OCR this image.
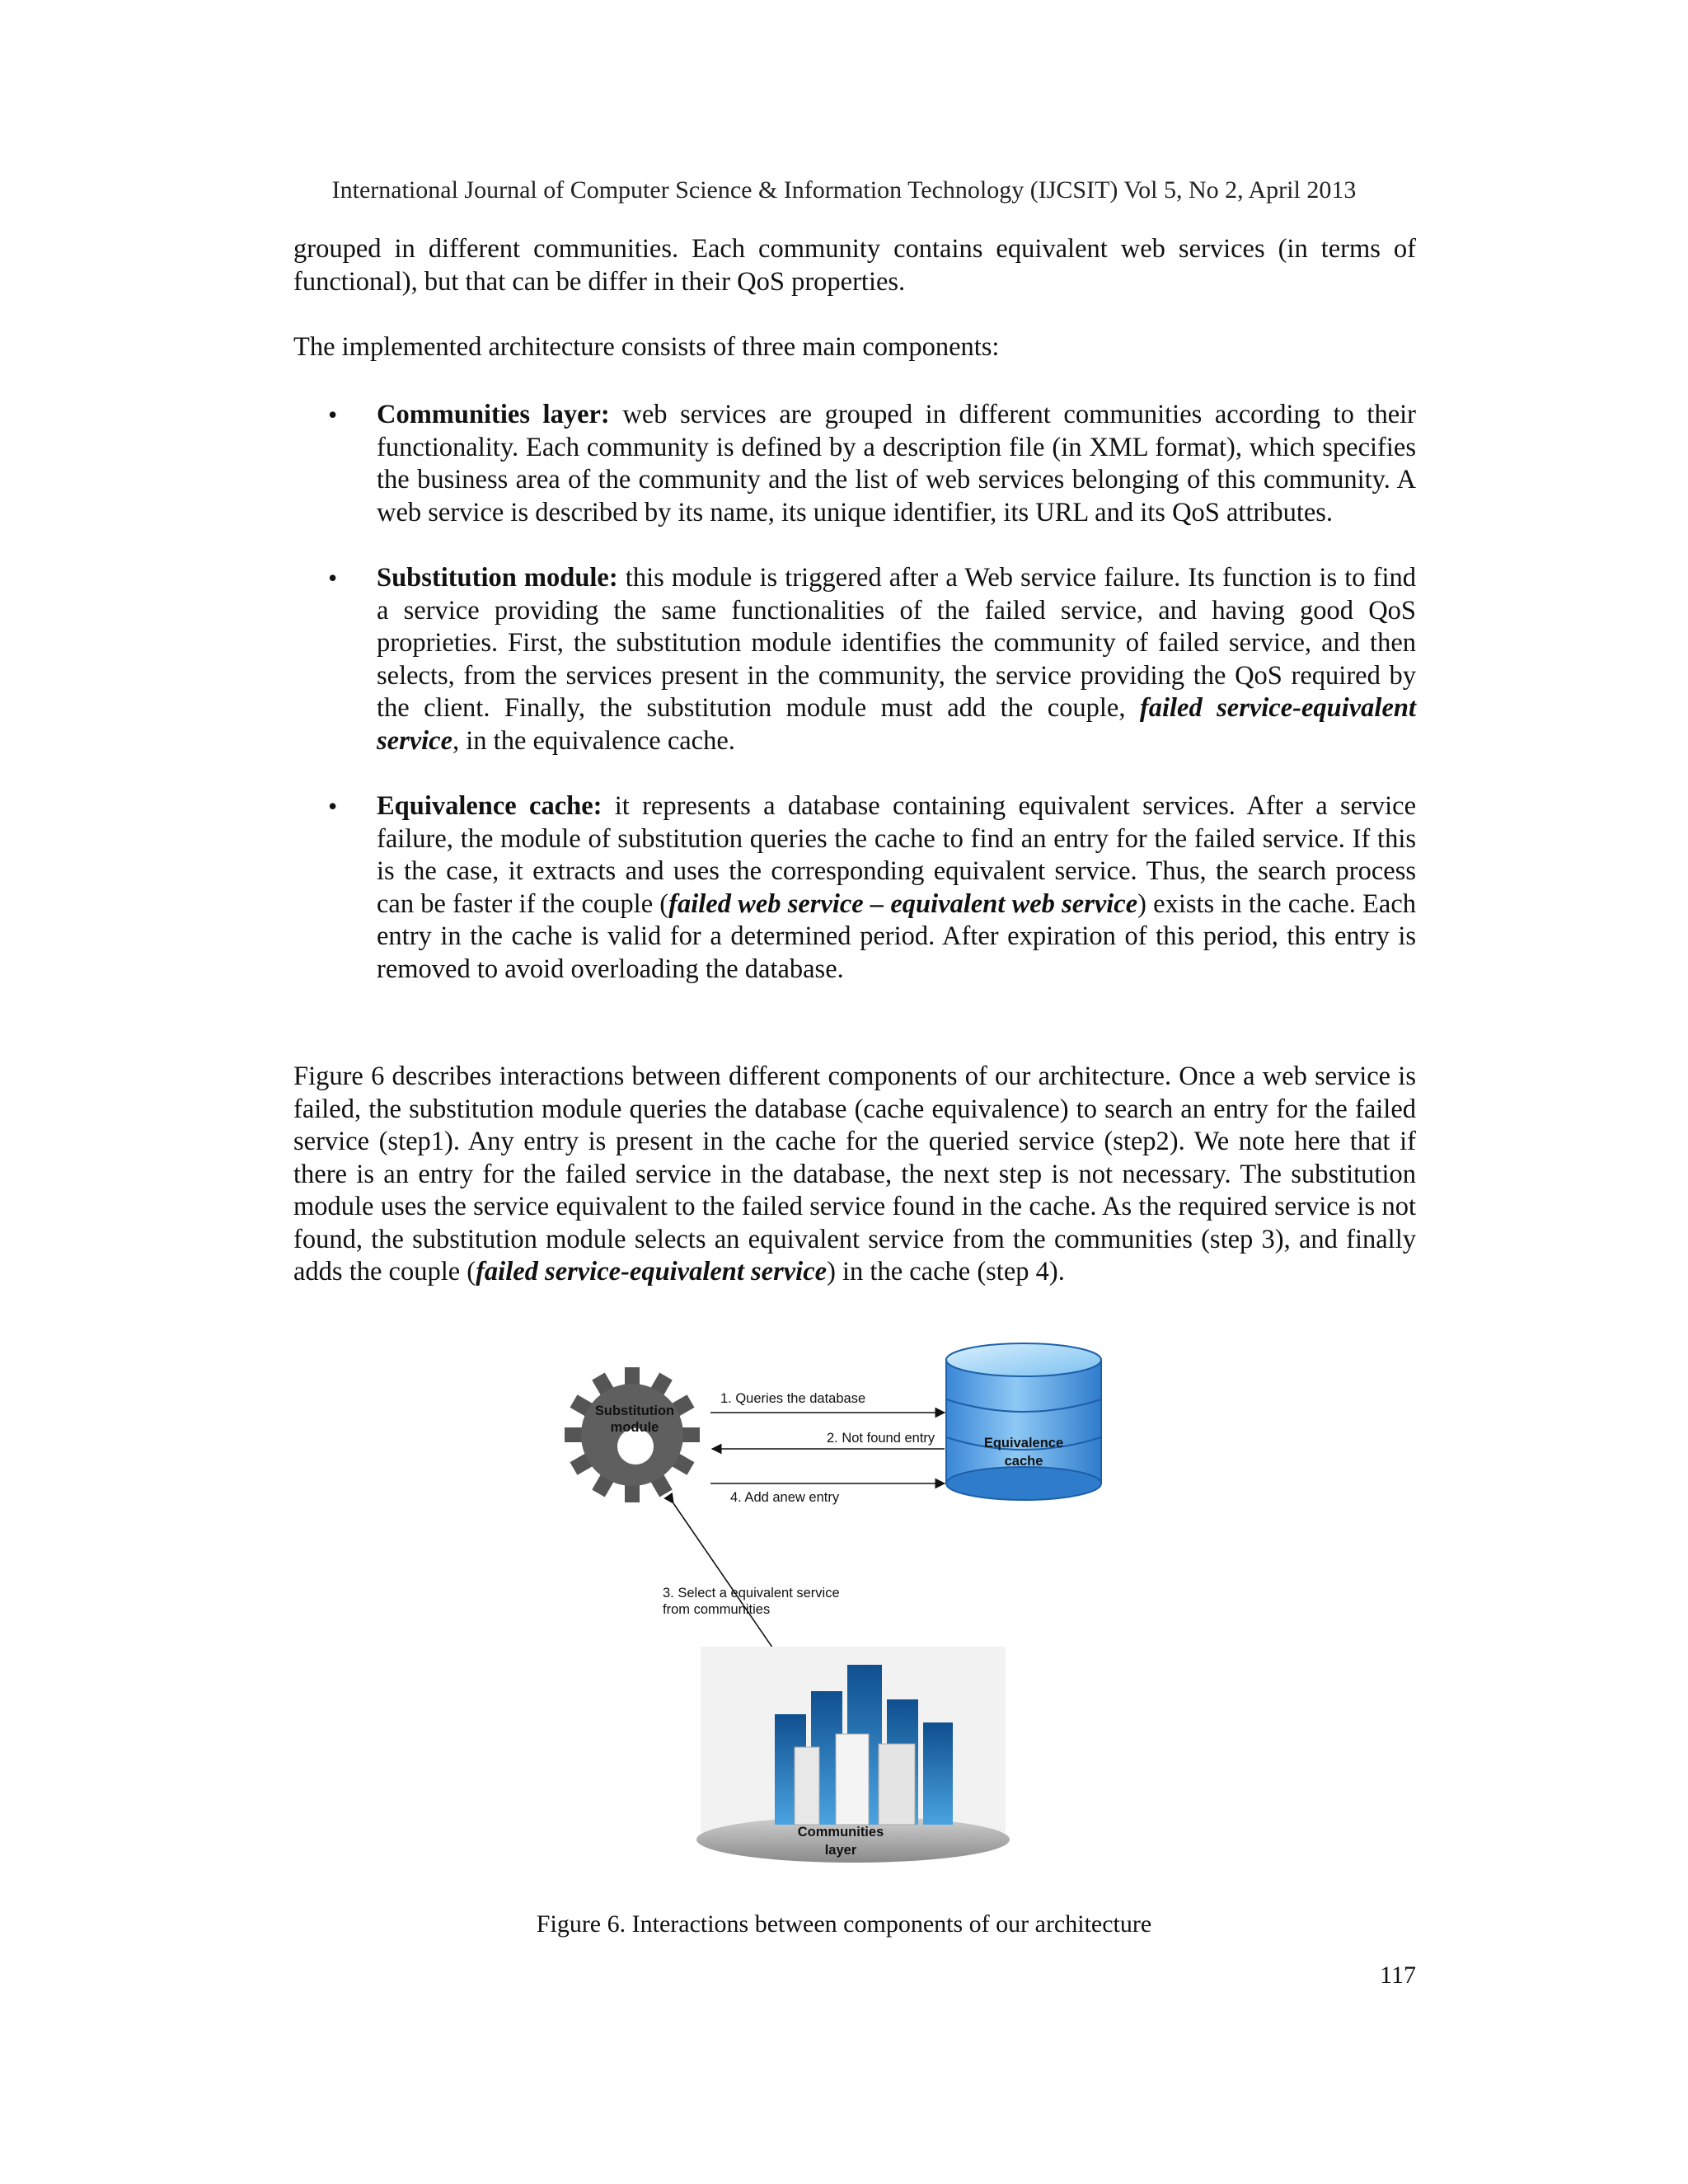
International Journal of Computer Science & Information Technology (IJCSIT) Vol 5, No 2, April 2013

grouped in different communities. Each community contains equivalent web services (in terms of functional), but that can be differ in their QoS properties.

The implemented architecture consists of three main components:

• Communities layer: web services are grouped in different communities according to their functionality. Each community is defined by a description file (in XML format), which specifies the business area of the community and the list of web services belonging of this community. A web service is described by its name, its unique identifier, its URL and its QoS attributes.
• Substitution module: this module is triggered after a Web service failure. Its function is to find a service providing the same functionalities of the failed service, and having good QoS proprieties. First, the substitution module identifies the community of failed service, and then selects, from the services present in the community, the service providing the QoS required by the client. Finally, the substitution module must add the couple, failed service-equivalent service, in the equivalence cache.
• Equivalence cache: it represents a database containing equivalent services. After a service failure, the module of substitution queries the cache to find an entry for the failed service. If this is the case, it extracts and uses the corresponding equivalent service. Thus, the search process can be faster if the couple (failed web service – equivalent web service) exists in the cache. Each entry in the cache is valid for a determined period. After expiration of this period, this entry is removed to avoid overloading the database.

Figure 6 describes interactions between different components of our architecture. Once a web service is failed, the substitution module queries the database (cache equivalence) to search an entry for the failed service (step1). Any entry is present in the cache for the queried service (step2). We note here that if there is an entry for the failed service in the database, the next step is not necessary. The substitution module uses the service equivalent to the failed service found in the cache. As the required service is not found, the substitution module selects an equivalent service from the communities (step 3), and finally adds the couple (failed service-equivalent service) in the cache (step 4).

Substitution module
Equivalence cache
1. Queries the database
2. Not found entry
4. Add anew entry
3. Select a equivalent service
from communities
Communities layer
Figure 6. Interactions between components of our architecture
117
